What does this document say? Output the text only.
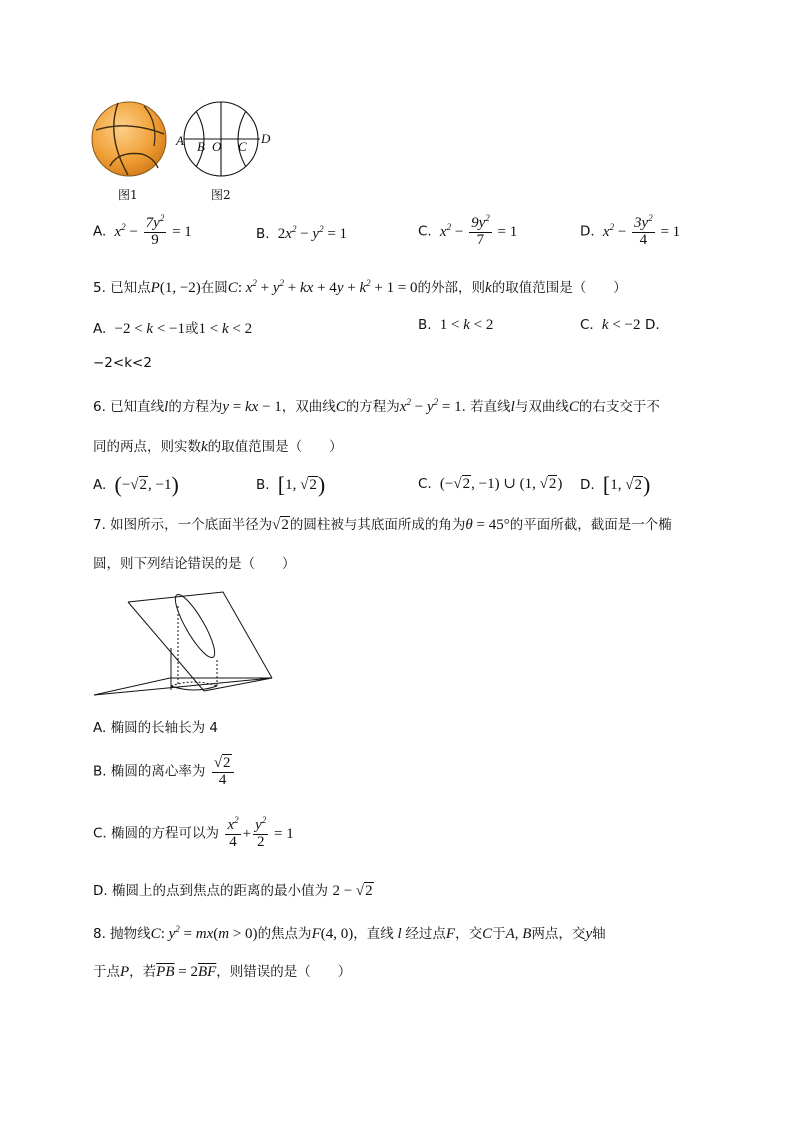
A B O C
D
图1	图2
A.  $x^2 - \frac{7y^2}{9} = 1$	B. $2x^2 - y^2 = 1$	C.  $x^2 - \frac{9y^2}{7} = 1$	D.  $x^2 - \frac{3y^2}{4} = 1$
5. 已知点P(1, −2)在圆C: $x^2 + y^2$ + kx + $4y + k^2 + 1 = 0$的外部，则k的取值范围是（　　）
A. −2 < k < −1或1 < k < 2	B. 1 < k < 2	C.  k < −2 D.
−2<k<2
6. 已知直线l的方程为y = kx − 1，双曲线C的方程为$x^2 - y^2 = 1$. 若直线l与双曲线C的右支交于不
同的两点，则实数k的取值范围是（　　）
A. (−√2, −1)	B. [1, √2)	C. (−√2, −1) ∪ (1, √2) D. [1, √2)
7. 如图所示，一个底面半径为√2的圆柱被与其底面所成的角为θ = 45°的平面所截，截面是一个椭
圆，则下列结论错误的是（　　）
A. 椭圆的长轴长为 4
B. 椭圆的离心率为 $\frac{√2}{4}$
C. 椭圆的方程可以为 $\frac{x^2}{4} + \frac{y^2}{2} = 1$
D. 椭圆上的点到焦点的距离的最小值为 2 − √2
8. 抛物线C: $y^2 = mx(m > 0)$的焦点为F(4, 0)，直线 l 经过点F，交C于A, B两点，交y轴
于点P，若$\overline{PB} = 2\overline{BF}$，则错误的是（　　）
